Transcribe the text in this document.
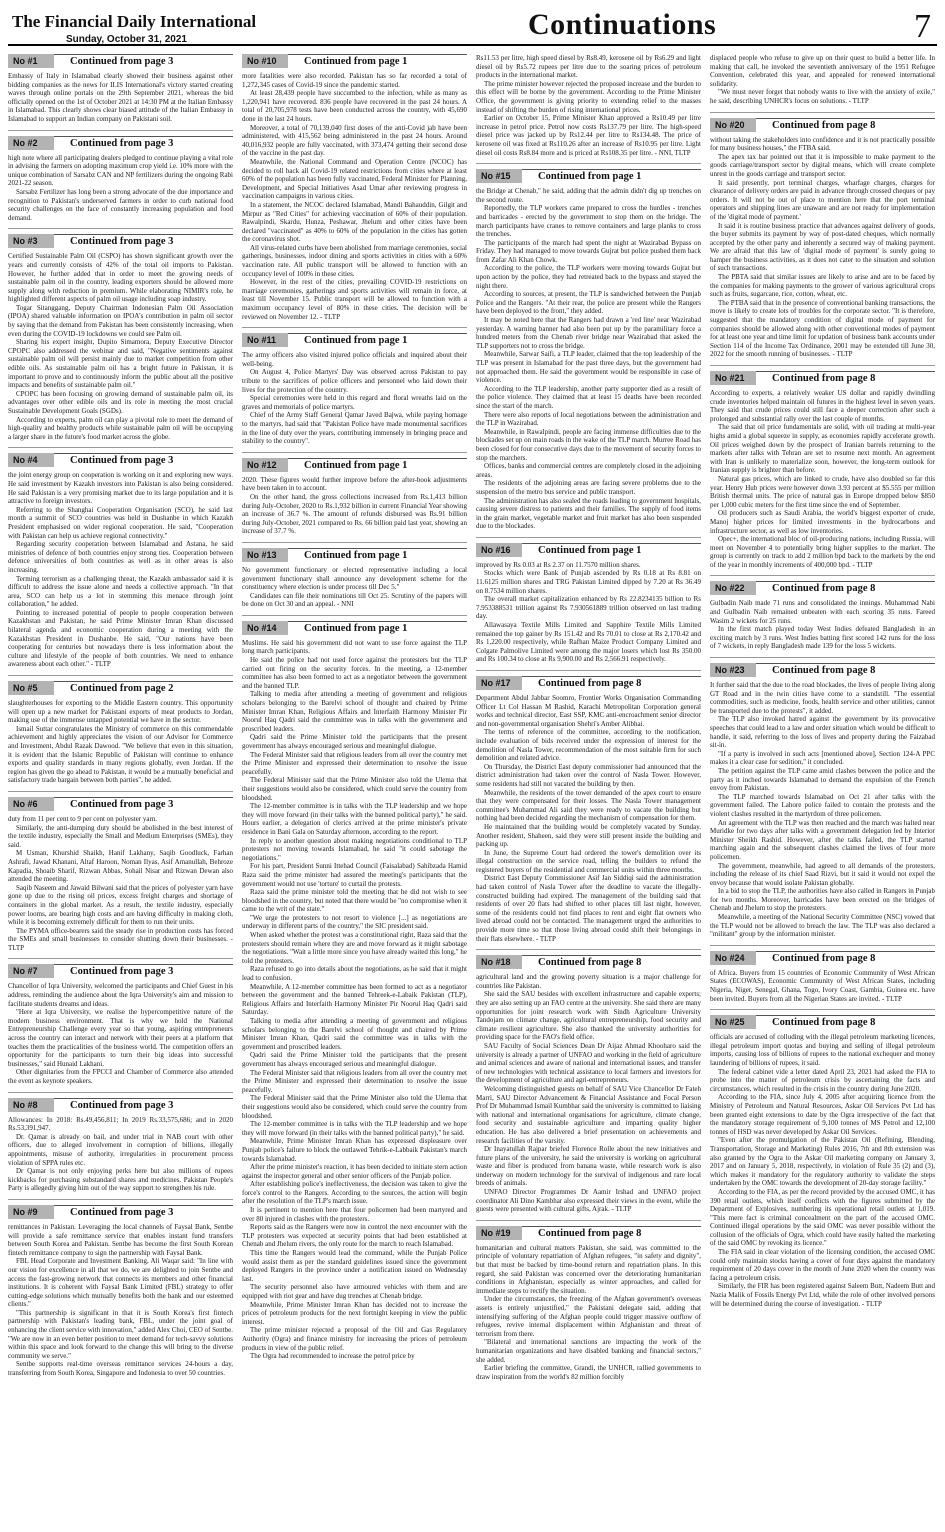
The Financial Daily International
Sunday, October 31, 2021	Continuations	7
No #1	Continued from page 3

Embassy of Italy in Islamabad clearly showed their business against other bidding companies as the news for ILIS International's victory started creating waves through online portals on the 29th September 2021, whereas the bid officially opened on the 1st of October 2021 at 14:30 PM at the Italian Embassy in Islamabad. This clearly shows clear biased attitude of the Italian Embassy in Islamabad to support an Indian company on Pakistani soil.

No #2	Continued from page 3

high note where all participating dealers pledged to continue playing a vital role in advising the farmers on adopting maximum crop yield i.e. 10% more with the unique combination of Sarsabz CAN and NP fertilizers during the ongoing Rabi 2021-22 season.

Sarsabz Fertilizer has long been a strong advocate of the due importance and recognition to Pakistan's underserved farmers in order to curb national food security challenges on the face of constantly increasing population and food demand.

No #3	Continued from page 3

Certified Sustainable Palm Oil (CSPO) has shown significant growth over the years and currently consists of 42% of the total oil imports to Pakistan. However, he further added that in order to meet the growing needs of sustainable palm oil in the country, leading exporters should be allowed more supply along with reduction in premium. While elaborating NIMIR's role, he highlighted different aspects of palm oil usage including soap industry.

Togar Sitanggang, Deputy Chairman Indonesian Palm Oil Association (IPOA) shared valuable information on IPOA's contribution in palm oil sector by saying that the demand from Pakistan has been consistently increasing, when even during the COVID-19 lockdowns we could see Palm oil.

Sharing his expert insight, Dupito Simamora, Deputy Executive Director CPOPC also addressed the webinar and said, "Negative sentiments against sustainable palm oil will persist mainly due to market competition from other edible oils. As sustainable palm oil has a bright future in Pakistan, it is important to prove and to continuously inform the public about all the positive impacts and benefits of sustainable palm oil."

CPOPC has been focusing on growing demand of sustainable palm oil, its advantages over other edible oils and its role in meeting the most crucial Sustainable Development Goals (SGDs).

According to experts, palm oil can play a pivotal role to meet the demand of high-quality and healthy products while sustainable palm oil will be occupying a larger share in the future's food market across the globe.

No #4	Continued from page 3

the joint energy group on cooperation is working on it and exploring new ways. He said investment by Kazakh investors into Pakistan is also being considered. He said Pakistan is a very promising market due to its large population and it is attractive to foreign investors.

Referring to the Shanghai Cooperation Organisation (SCO), he said last month a summit of SCO countries was held in Dushanbe in which Kazakh President emphasised on wider regional cooperation. He said, "Cooperation with Pakistan can help us achieve regional connectivity."

Regarding security cooperation between Islamabad and Astana, he said ministries of defence of both countries enjoy strong ties. Cooperation between defence universities of both countries as well as in other areas is also increasing.

Terming terrorism as a challenging threat, the Kazakh ambassador said it is difficult to address the issue alone and needs a collective approach. "In that area, SCO can help us a lot in stemming this menace through joint collaboration," he added.

Pointing to increased potential of people to people cooperation between Kazakhstan and Pakistan, he said Prime Minister Imran Khan discussed bilateral agenda and economic cooperation during a meeting with the Kazakhstan President in Dushanbe. He said, "Our nations have been cooperating for centuries but nowadays there is less information about the culture and lifestyle of the people of both countries. We need to enhance awareness about each other." - TLTP

No #5	Continued from page 2

slaughterhouses for exporting to the Middle Eastern country. This opportunity will open up a new market for Pakistani exports of meat products to Jordan, making use of the immense untapped potential we have in the sector.

Ismail Suttar congratulates the Ministry of commerce on this commendable achievement and highly appreciates the vision of our Advisor for Commerce and Investment, Abdul Razak Dawood. "We believe that even in this situation, it is evident that the Islamic Republic of Pakistan will continue to enhance exports and quality standards in many regions globally, even Jordan. If the region has given the go ahead to Pakistan, it would be a mutually beneficial and satisfactory trade bargain between both parties", he added.

No #6	Continued from page 3

duty from 11 per cent to 9 per cent on polyester yarn.

Similarly, the anti-dumping duty should be abolished in the best interest of the textile industry, especially the Small and Medium Enterprises (SMEs), they said.

M Usman, Khurshid Shaikh, Hanif Lakhany, Saqib Goodluck, Farhan Ashrafi, Jawad Khanani, Altaf Haroon, Noman Ilyas, Asif Amanullah, Behroze Kapadia, Shoaib Sharif, Rizwan Abbas, Sohail Nisar and Rizwan Dewan also attended the meeting.

Saqib Naseem and Jawaid Bilwani said that the prices of polyester yarn have gone up due to the rising oil prices, excess freight charges and shortage of containers in the global market. As a result, the textile industry, especially power looms, are bearing high costs and are having difficulty in making cloth, while it is becoming extremely difficult for them to run their units.

The PYMA office-bearers said the steady rise in production costs has forced the SMEs and small businesses to consider shutting down their businesses. - TLTP

No #7	Continued from page 3

Chancellor of Iqra University, welcomed the participants and Chief Guest in his address, reminding the audience about the Iqra University's aim and mission to facilitate students dreams and ideas.

"Here at Iqra University, we realise the hypercompetitive nature of the modern business environment. That is why we hold the National Entrepreneurship Challenge every year so that young, aspiring entrepreneurs across the country can interact and network with their peers at a platform that teaches them the practicalities of the business world. The competition offers an opportunity for the participants to turn their big ideas into successful businesses," said Hunaid Lakhani.

Other dignitaries from the FPCCI and Chamber of Commerce also attended the event as keynote speakers.

No #8	Continued from page 3

Allowances: In 2018: Rs.49,456,811; In 2019 Rs.33,575,686; and in 2020 Rs.53,391,947.

Dr. Qamar is already on bail, and under trial in NAB court with other officers, due to alleged involvement in corruption of billions, illegally appointments, misuse of authority, irregularities in procurement process violation of SPPA rules etc.

Dr Qamar is not only enjoying perks here but also millions of rupees kickbacks for purchasing substandard shares and medicines. Pakistan People's Party is allegedly giving him out of the way support to strengthen his rule.

No #9	Continued from page 3

remittances in Pakistan. Leveraging the local channels of Faysal Bank, Sentbe will provide a safe remittance service that enables instant fund transfers between South Korea and Pakistan. Sentbe has become the first South Korean fintech remittance company to sign the partnership with Faysal Bank.

FBL Head Corporate and Investment Banking, Ali Waqar said: "In line with our vision for excellence in all that we do, we are delighted to join Sentbe and access the fast-growing network that connects its members and other financial institutions. It is coherent with Faysal Bank Limited (FBL) strategy to offer cutting-edge solutions which mutually benefits both the bank and our esteemed clients."

"This partnership is significant in that it is South Korea's first fintech partnership with Pakistan's leading bank, FBL, under the joint goal of enhancing the client service with innovation," added Alex Choi, CEO of Sentbe. "We are now in an even better position to meet demand for tech-savvy solutions within this space and look forward to the change this will bring to the diverse community we serve."

Sentbe supports real-time overseas remittance services 24-hours a day, transferring from South Korea, Singapore and Indonesia to over 50 countries.

No #10	Continued from page 1

more fatalities were also recorded. Pakistan has so far recorded a total of 1,272,345 cases of Covid-19 since the pandemic started.

At least 28,439 people have succumbed to the infection, while as many as 1,220,941 have recovered. 836 people have recovered in the past 24 hours. A total of 20,705,978 tests have been conducted across the country, with 45,690 done in the last 24 hours.

Moreover, a total of 70,139,040 first doses of the anti-Covid jab have been administered, with 415,562 being administered in the past 24 hours. Around 40,016,932 people are fully vaccinated, with 373,474 getting their second dose of the vaccine in the past day.

Meanwhile, the National Command and Operation Centre (NCOC) has decided to roll back all Covid-19 related restrictions from cities where at least 60% of the population has been fully vaccinated, Federal Minister for Planning, Development, and Special Initiatives Asad Umar after reviewing progress in vaccination campaigns in various cities.

In a statement, the NCOC declared Islamabad, Mandi Bahauddin, Gilgit and Mirpur as "Red Cities" for achieving vaccination of 60% of their population. Rawalpindi, Skardu, Hunza, Peshawar, Jhelum and other cities have been declared "vaccinated" as 40% to 60% of the population in the cities has gotten the coronavirus shot.

All virus-related curbs have been abolished from marriage ceremonies, social gatherings, businesses, indoor dining and sports activities in cities with a 60% vaccination rate. All public transport will be allowed to function with an occupancy level of 100% in these cities.

However, in the rest of the cities, prevailing COVID-19 restrictions on marriage ceremonies, gatherings and sports activities will remain in force, at least till November 15. Public transport will be allowed to function with a maximum occupancy level of 80% in these cities. The decision will be reviewed on November 12. - TLTP

No #11	Continued from page 1

The army officers also visited injured police officials and inquired about their well-being.

On August 4, Police Martyrs' Day was observed across Pakistan to pay tribute to the sacrifices of police officers and personnel who laid down their lives for the protection of the country.

Special ceremonies were held in this regard and floral wreaths laid on the graves and memorials of police martyrs.

Chief of the Army Staff General Qamar Javed Bajwa, while paying homage to the martyrs, had said that "Pakistan Police have made monumental sacrifices in the line of duty over the years, contributing immensely in bringing peace and stability to the country".

No #12	Continued from page 1

2020. These figures would further improve before the after-book adjustments have been taken in to account.

On the other hand, the gross collections increased from Rs.1,413 billion during July-October, 2020 to Rs.1,932 billion in current Financial Year showing an increase of 36.7 %. The amount of refunds disbursed was Rs.91 billion during July-October, 2021 compared to Rs. 66 billion paid last year, showing an increase of 37.7 %.

No #13	Continued from page 1

No government functionary or elected representative including a local government functionary shall announce any development scheme for the constituency where election is under process till Dec 5."

Candidates can file their nominations till Oct 25. Scrutiny of the papers will be done on Oct 30 and an appeal. - NNI

No #14	Continued from page 1

Muslims. He said his government did not want to use force against the TLP long march participants.

He said the police had not used force against the protesters but the TLP carried out firing on the security forces. In the meeting, a 12-member committee has also been formed to act as a negotiator between the government and the banned TLP.

Talking to media after attending a meeting of government and religious scholars belonging to the Barelvi school of thought and chaired by Prime Minister Imran Khan, Religious Affairs and Interfaith Harmony Minister Pir Noorul Haq Qadri said the committee was in talks with the government and proscribed leaders.

Qadri said the Prime Minister told the participants that the present government has always encouraged serious and meaningful dialogue.

The Federal Minister said that religious leaders from all over the country met the Prime Minister and expressed their determination to resolve the issue peacefully.

The Federal Minister said that the Prime Minister also told the Ulema that their suggestions would also be considered, which could serve the country from bloodshed.

The 12-member committee is in talks with the TLP leadership and we hope they will move forward (in their talks with the banned political party)," he said. Hours earlier, a delegation of clerics arrived at the prime minister's private residence in Bani Gala on Saturday afternoon, according to the report.

In reply to another question about making negotiations conditional to TLP protesters not moving towards Islamabad, he said "it could sabotage the negotiations."

For his part, President Sunni Ittehad Council (Faisalabad) Sahibzada Hamid Raza said the prime minister had assured the meeting's participants that the government would not use 'torture' to curtail the protests.

Raza said the prime minister told the meeting that he did not wish to see bloodshed in the country, but noted that there would be "no compromise when it came to the writ of the state."

"We urge the protesters to not resort to violence [...] as negotiations are underway in different parts of the country," the SIC president said.

When asked whether the protest was a constitutional right, Raza said that the protesters should remain where they are and move forward as it might sabotage the negotiations. "Wait a little more since you have already waited this long," he told the protesters.

Raza refused to go into details about the negotiations, as he said that it might lead to confusion.

Meanwhile, A 12-member committee has been formed to act as a negotiator between the government and the banned Tehreek-e-Labaik Pakistan (TLP), Religious Affairs and Interfaith Harmony Minister Pir Noorul Haq Qadri said Saturday.

Talking to media after attending a meeting of government and religious scholars belonging to the Barelvi school of thought and chaired by Prime Minister Imran Khan, Qadri said the committee was in talks with the government and proscribed leaders.

Qadri said the Prime Minister told the participants that the present government has always encouraged serious and meaningful dialogue.

The Federal Minister said that religious leaders from all over the country met the Prime Minister and expressed their determination to resolve the issue peacefully.

The Federal Minister said that the Prime Minister also told the Ulema that their suggestions would also be considered, which could serve the country from bloodshed.

The 12-member committee is in talks with the TLP leadership and we hope they will move forward (in their talks with the banned political party)," he said.

Meanwhile, Prime Minister Imran Khan has expressed displeasure over Punjab police's failure to block the outlawed Tehrik-e-Labbaik Pakistan's march towards Islamabad.

After the prime minister's reaction, it has been decided to initiate stern action against the inspector general and other senior officers of the Punjab police.

After establishing police's ineffectiveness, the decision was taken to give the force's control to the Rangers. According to the sources, the action will begin after the resolution of the TLP's march issue.

It is pertinent to mention here that four policemen had been martyred and over 80 injured in clashes with the protesters.

Reports said as the Rangers were now in control the next encounter with the TLP protesters was expected at security points that had been established at Chenab and Jhelum rivers, the only route for the march to reach Islamabad.

This time the Rangers would lead the command, while the Punjab Police would assist them as per the standard guidelines issued since the government deployed Rangers in the province under a notification issued on Wednesday last.

The security personnel also have armoured vehicles with them and are equipped with riot gear and have dug trenches at Chenab bridge.

Meanwhile, Prime Minister Imran Khan has decided not to increase the prices of petroleum products for the next fortnight keeping in view the public interest.

The prime minister rejected a proposal of the Oil and Gas Regulatory Authority (Ogra) and finance ministry for increasing the prices of petroleum products in view of the public relief.

The Ogra had recommended to increase the petrol price by

Rs11.53 per litre, high speed diesel by Rs8.49, kerosene oil by Rs6.29 and light diesel oil by Rs5.72 rupees per litre due to the soaring prices of petroleum products in the international market.

The prime minister however rejected the proposed increase and the burden to this effect will be borne by the government. According to the Prime Minister Office, the government is giving priority to extending relief to the masses instead of shifting the burden of rising international prices.

Earlier on October 15, Prime Minister Khan approved a Rs10.49 per litre increase in petrol price. Petrol now costs Rs137.79 per litre. The high-speed diesel price was jacked up by Rs12.44 per litre to Rs134.48. The price of kerosene oil was fixed at Rs110.26 after an increase of Rs10.95 per litre. Light diesel oil costs Rs8.84 more and is priced at Rs108.35 per litre. - NNI, TLTP

No #15	Continued from page 1

the Bridge at Chenab," he said, adding that the admin didn't dig up trenches on the second route.

Reportedly, the TLP workers came prepared to cross the hurdles - trenches and barricades - erected by the government to stop them on the bridge. The march participants have cranes to remove containers and large planks to cross the trenches.

The participants of the march had spent the night at Wazirabad Bypass on Friday. They had managed to move towards Gujrat but police pushed them back from Zafar Ali Khan Chowk.

According to the police, the TLP workers were moving towards Gujrat but upon action by the police, they had retreated back to the bypass and stayed the night there.

According to sources, at present, the TLP is sandwiched between the Punjab Police and the Rangers. "At their rear, the police are present while the Rangers have been deployed to the front," they added.

It may be noted here that the Rangers had drawn a 'red line' near Wazirabad yesterday. A warning banner had also been put up by the paramilitary force a hundred meters from the Chenab river bridge near Wazirabad that asked the TLP supporters not to cross the bridge.

Meanwhile, Sarwar Saifi, a TLP leader, claimed that the top leadership of the TLP was present in Islamabad for the past three days, but the government had not approached them. He said the government would be responsible in case of violence.

According to the TLP leadership, another party supporter died as a result of the police violence. They claimed that at least 15 deaths have been recorded since the start of the march.

There were also reports of local negotiations between the administration and the TLP in Wazirabad.

Meanwhile, in Rawalpindi, people are facing immense difficulties due to the blockades set up on main roads in the wake of the TLP march. Murree Road has been closed for four consecutive days due to the movement of security forces to stop the marchers.

Offices, banks and commercial centres are completely closed in the adjoining areas.

The residents of the adjoining areas are facing severe problems due to the suspension of the metro bus service and public transport.

The administration has also sealed the roads leading to government hospitals, causing severe distress to patients and their families. The supply of food items in the grain market, vegetable market and fruit market has also been suspended due to the blockades.

No #16	Continued from page 1

improved by Rs 0.03 at Rs 2.37 on 11.7570 million shares.

Stocks which were Bank of Punjab ascended by Rs 0.18 at Rs 8.81 on 11.6125 million shares and TRG Pakistan Limited dipped by 7.20 at Rs 36.49 on 8.7534 million shares.

The overall market capitalization enhanced by Rs 22.8234135 billion to Rs 7.953388531 trillion against Rs 7.930561889 trillion observed on last trading day.

Allawasaya Textile Mills Limited and Sapphire Textile Mills Limited remained the top gainer by Rs 151.42 and Rs 70.01 to close at Rs 2,170.42 and Rs 1,220.00 respectively, while Rafhan Maize Product Company Limited and Colgate Palmolive Limited were among the major losers which lost Rs 350.00 and Rs 100.34 to close at Rs 9,900.00 and Rs 2,566.91 respectively.

No #17	Continued from page 8

Department Abdul Jabbar Soomro, Frontier Works Organisation Commanding Officer Lt Col Hassan M Rashid, Karachi Metropolitan Corporation general works and technical director, East SSP, KMC anti-encroachment senior director and non-governmental organisation Shehri's Amber Alibhai.

The terms of reference of the committee, according to the notification, include evaluation of bids received under the expression of interest for the demolition of Nasla Tower, recommendation of the most suitable firm for such demolition and related advice.

On Thursday, the District East deputy commissioner had announced that the district administration had taken over the control of Nasla Tower. However, some residents had still not vacated the building by then.

Meanwhile, the residents of the tower demanded of the apex court to ensure that they were compensated for their losses. The Nasla Tower management committee's Muhammad Ali said they were ready to vacate the building but nothing had been decided regarding the mechanism of compensation for them.

He maintained that the building would be completely vacated by Sunday. Another resident, Shaheen, said they were still present inside the building and packing up.

In June, the Supreme Court had ordered the tower's demolition over its illegal construction on the service road, telling the builders to refund the registered buyers of the residential and commercial units within three months.

District East Deputy Commissioner Asif Jan Siddiqi said the administration had taken control of Nasla Tower after the deadline to vacate the illegally-constructed building had expired. The management of the building said that residents of over 20 flats had shifted to other places till last night, however, some of the residents could not find places to rent and eight flat owners who lived abroad could not be contacted. The management urged the authorities to provide more time so that those living abroad could shift their belongings in their flats elsewhere. - TLTP

No #18	Continued from page 8

agricultural land and the growing poverty situation is a major challenge for countries like Pakistan.

She said the SAU besides with excellent infrastructure and capable experts; they are also setting up an FAO centre at the university. She said there are many opportunities for joint research work with Sindh Agriculture University Tandojam on climate change, agricultural entrepreneurship, food security and climate resilient agriculture. She also thanked the university authorities for providing space for the FAO's field office.

SAU Faculty of Social Sciences Dean Dr Aijaz Ahmad Khooharo said the university is already a partner of UNFAO and working in the field of agriculture and animal sciences and aware of national and international issues, and transfer of new technologies with technical assistance to local farmers and investors for the development of agriculture and agri-entrepreneurs.

Welcoming distinguished guests on behalf of SAU Vice Chancellor Dr Fateh Marri, SAU Director Advancement & Financial Assistance and Focal Person Prof Dr Muhammad Ismail Kumbhar said the university is committed to liaising with national and international organisations for agriculture, climate change, food security and sustainable agriculture and imparting quality higher education. He has also delivered a brief presentation on achievements and research facilities of the varsity.

Dr Inayatullah Rajpar briefed Florence Rolle about the new initiatives and future plans of the university, he said the university is working on agricultural waste and fiber is produced from banana waste, while research work is also underway on modern technology for the survival of indigenous and rare local breeds of animals.

UNFAO Director Programmes Dr Aamir Irshad and UNFAO project coordinator Ali Dino Kambhar also expressed their views in the event, while the guests were presented with cultural gifts, Ajrak. - TLTP

No #19	Continued from page 8

humanitarian and cultural matters Pakistan, she said, was committed to the principle of voluntary repatriation of Afghan refugees, "in safety and dignity", but that must be backed by time-bound return and repatriation plans. In this regard, she said Pakistan was concerned over the deteriorating humanitarian conditions in Afghanistan, especially as winter approaches, and called for immediate steps to rectify the situation.

Under the circumstances, the freezing of the Afghan government's overseas assets is entirely unjustified," the Pakistani delegate said, adding that intensifying suffering of the Afghan people could trigger massive outflow of refugees, revive internal displacement within Afghanistan and threat of terrorism from there.

"Bilateral and international sanctions are impacting the work of the humanitarian organizations and have disabled banking and financial sectors," she added.

Earlier briefing the committee, Grandi, the UNHCR, rallied governments to draw inspiration from the world's 82 million forcibly

displaced people who refuse to give up on their quest to build a better life. In making that call, he invoked the seventieth anniversary of the 1951 Refugee Convention, celebrated this year, and appealed for renewed international solidarity.

"We must never forget that nobody wants to live with the anxiety of exile," he said, describing UNHCR's focus on solutions. - TLTP

No #20	Continued from page 8

without taking the stakeholders into confidence and it is not practically possible for many business houses," the FTBA said.

The apex tax bar pointed out that it is impossible to make payment to the goods carriage/transport sector by digital means, which will create complete unrest in the goods carriage and transport sector.

It said presently, port terminal charges, wharfage charges, charges for clearance of delivery orders are paid in advance through crossed cheques or pay orders. It will not be out of place to mention here that the port terminal operators and shipping lines are unaware and are not ready for implementation of the 'digital mode of payment.'

It said it is routine business practice that advances against delivery of goods, the buyer submits its payment by way of post-dated cheques, which normally accepted by the other party and inherently a secured way of making payment. We are afraid that this law of 'digital mode of payment' is surely going to hamper the business activities, as it does not cater to the situation and solution of such transactions.

The PBTA said that similar issues are likely to arise and are to be faced by the companies for making payments to the grower of various agricultural crops such as fruits, sugarcane, rice, cotton, wheat, etc.

The PTBA said that in the presence of conventional banking transactions, the move is likely to create lots of troubles for the corporate sector. "It is therefore, suggested that the mandatory condition of digital mode of payment for companies should be allowed along with other conventional modes of payment for at least one year and time limit for updation of business bank accounts under Section 114 of the Income Tax Ordinance, 2001 may be extended till June 30, 2022 for the smooth running of businesses. - TLTP

No #21	Continued from page 8

According to experts, a relatively weaker US dollar and rapidly dwindling crude inventories helped maintain oil futures in the highest level in seven years. They said that crude prices could still face a deeper correction after such a prolonged and substantial rally over the last couple of months.

The said that oil price fundamentals are solid, with oil trading at multi-year highs amid a global squeeze in supply, as economies rapidly accelerate growth. Oil prices weighed down by the prospect of Iranian barrels returning to the markets after talks with Tehran are set to resume next month. An agreement with Iran is unlikely to materialize soon, however, the long-term outlook for Iranian supply is brighter than before.

Natural gas prices, which are linked to crude, have also doubled so far this year. Henry Hub prices were however down 3.93 percent at $5.555 per million British thermal units. The price of natural gas in Europe dropped below $850 per 1,000 cubic meters for the first time since the end of September.

Oil producers such as Saudi Arabia, the world's biggest exporter of crude, Manoj higher prices for limited investments in the hydrocarbons and infrastructure sector, as well as low inventories.

Opec+, the international bloc of oil-producing nations, including Russia, will meet on November 4 to potentially bring higher supplies to the market. The group is currently on track to add 2 million bpd back to the markets by the end of the year in monthly increments of 400,000 bpd. - TLTP

No #22	Continued from page 8

Gulbadin Naib made 71 runs and consolidated the innings. Muhammad Nabi and Gulbadin Naib remained unbeaten with each scoring 35 runs. Fareed Wasim 2 wickets for 25 runs.

In the first match played today West Indies defeated Bangladesh in an exciting match by 3 runs. West Indies batting first scored 142 runs for the loss of 7 wickets, in reply Bangladesh made 139 for the loss 5 wickets.

No #23	Continued from page 8

It further said that the due to the road blockades, the lives of people living along GT Road and in the twin cities have come to a standstill. "The essential commodities, such as medicine, foods, health service and other utilities, cannot be transported due to the protests", it added.

The TLP also invoked hatred against the government by its provocative speeches that could lead to a law and order situation which would be difficult to handle, it said, referring to the loss of lives and property during the Faizabad sit-in.

"If a party is involved in such acts [mentioned above], Section 124-A PPC makes it a clear case for sedition," it concluded.

The petition against the TLP came amid clashes between the police and the party as it inched towards Islamabad to demand the expulsion of the French envoy from Pakistan.

The TLP marched towards Islamabad on Oct 21 after talks with the government failed. The Lahore police failed to contain the protests and the violent clashes resulted in the martyrdom of three policemen.

An agreement with the TLP was then reached and the march was halted near Muridke for two days after talks with a government delegation led by Interior Minister Sheikh Rashid. However, after the talks failed, the TLP started marching again and the subsequent clashes claimed the lives of four more policemen.

The government, meanwhile, had agreed to all demands of the protesters, including the release of its chief Saad Rizvi, but it said it would not expel the envoy because that would isolate Pakistan globally.

In a bid to stop the TLP, the authorities have also called in Rangers in Punjab for two months. Moreover, barricades have been erected on the bridges of Chenab and Jhelum to stop the protesters.

Meanwhile, a meeting of the National Security Committee (NSC) vowed that the TLP would not be allowed to breach the law. The TLP was also declared a "militant" group by the information minister.

No #24	Continued from page 8

of Africa. Buyers from 15 countries of Economic Community of West African States (ECOWAS), Economic Community of West African States, including Nigeria, Niger, Senegal, Ghana, Togo, Ivory Coast, Gambia, Guinea etc. have been invited. Buyers from all the Nigerian States are invited. - TLTP

No #25	Continued from page 8

officials are accused of colluding with the illegal petroleum marketing licences, illegal petroleum import quotas and buying and selling of illegal petroleum imports, causing loss of billions of rupees to the national exchequer and money laundering of billions of rupees, it said.

The federal cabinet vide a letter dated April 23, 2021 had asked the FIA to probe into the matter of petroleum crisis by ascertaining the facts and circumstances, which resulted in the crisis in the country during June 2020.

According to the FIA, since July 4, 2005 after acquiring licence from the Ministry of Petroleum and Natural Resources, Askar Oil Services Pvt Ltd has been granted eight extensions to date by the Ogra irrespective of the fact that the mandatory storage requirement of 9,100 tonnes of MS Petrol and 12,100 tonnes of HSD was never developed by Askar Oil Services.

"Even after the promulgation of the Pakistan Oil (Refining, Blending, Transportation, Storage and Marketing) Rules 2016, 7th and 8th extension was also granted by the Ogra to the Askar Oil marketing company on January 3, 2017 and on January 5, 2018, respectively, in violation of Rule 35 (2) and (3), which makes it mandatory for the regulatory authority to validate the steps undertaken by the OMC towards the development of 20-day storage facility."

According to the FIA, as per the record provided by the accused OMC, it has 390 retail outlets, which itself conflicts with the figures submitted by the Department of Explosives, numbering its operational retail outlets at 1,019. "This mere fact is criminal concealment on the part of the accused OMC. Continued illegal operations by the said OMC was never possible without the collusion of the officials of Ogra, which could have easily halted the marketing of the said OMC by revoking its licence."

The FIA said in clear violation of the licensing condition, the accused OMC could only maintain stocks having a cover of four days against the mandatory requirement of 20 days cover in the month of June 2020 when the country was facing a petroleum crisis.

Similarly, the FIR has been registered against Saleem Butt, Nadeem Butt and Nazia Malik of Fossils Energy Pvt Ltd, while the role of other involved persons will be determined during the course of investigation. - TLTP
